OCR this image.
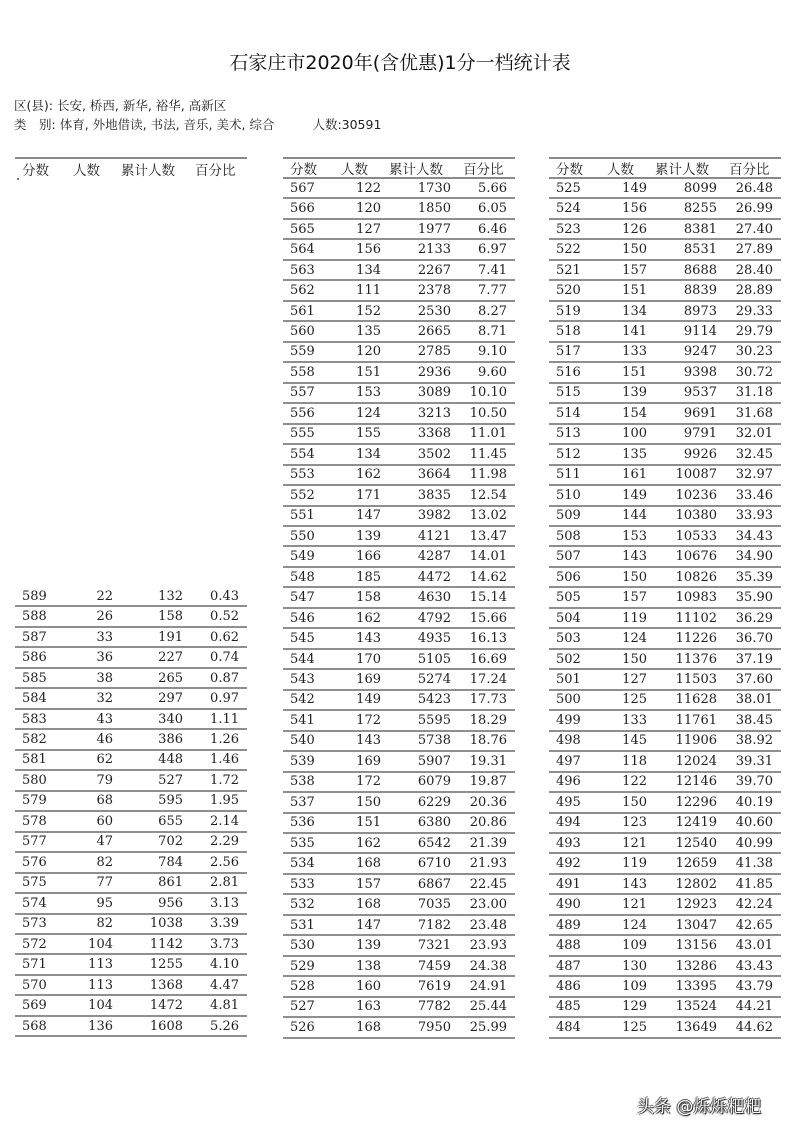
石家庄市2020年(含优惠)1分一档统计表
区(县): 长安, 桥西, 新华, 裕华, 高新区
类　别: 体育, 外地借读, 书法, 音乐, 美术, 综合	人数:30591
分数	人数	累计人数	百分比
589	22	132	0.43
588	26	158	0.52
587	33	191	0.62
586	36	227	0.74
585	38	265	0.87
584	32	297	0.97
583	43	340	1.11
582	46	386	1.26
581	62	448	1.46
580	79	527	1.72
579	68	595	1.95
578	60	655	2.14
577	47	702	2.29
576	82	784	2.56
575	77	861	2.81
574	95	956	3.13
573	82	1038	3.39
572	104	1142	3.73
571	113	1255	4.10
570	113	1368	4.47
569	104	1472	4.81
568	136	1608	5.26
分数	人数	累计人数	百分比
567	122	1730	5.66
566	120	1850	6.05
565	127	1977	6.46
564	156	2133	6.97
563	134	2267	7.41
562	111	2378	7.77
561	152	2530	8.27
560	135	2665	8.71
559	120	2785	9.10
558	151	2936	9.60
557	153	3089	10.10
556	124	3213	10.50
555	155	3368	11.01
554	134	3502	11.45
553	162	3664	11.98
552	171	3835	12.54
551	147	3982	13.02
550	139	4121	13.47
549	166	4287	14.01
548	185	4472	14.62
547	158	4630	15.14
546	162	4792	15.66
545	143	4935	16.13
544	170	5105	16.69
543	169	5274	17.24
542	149	5423	17.73
541	172	5595	18.29
540	143	5738	18.76
539	169	5907	19.31
538	172	6079	19.87
537	150	6229	20.36
536	151	6380	20.86
535	162	6542	21.39
534	168	6710	21.93
533	157	6867	22.45
532	168	7035	23.00
531	147	7182	23.48
530	139	7321	23.93
529	138	7459	24.38
528	160	7619	24.91
527	163	7782	25.44
526	168	7950	25.99
分数	人数	累计人数	百分比
525	149	8099	26.48
524	156	8255	26.99
523	126	8381	27.40
522	150	8531	27.89
521	157	8688	28.40
520	151	8839	28.89
519	134	8973	29.33
518	141	9114	29.79
517	133	9247	30.23
516	151	9398	30.72
515	139	9537	31.18
514	154	9691	31.68
513	100	9791	32.01
512	135	9926	32.45
511	161	10087	32.97
510	149	10236	33.46
509	144	10380	33.93
508	153	10533	34.43
507	143	10676	34.90
506	150	10826	35.39
505	157	10983	35.90
504	119	11102	36.29
503	124	11226	36.70
502	150	11376	37.19
501	127	11503	37.60
500	125	11628	38.01
499	133	11761	38.45
498	145	11906	38.92
497	118	12024	39.31
496	122	12146	39.70
495	150	12296	40.19
494	123	12419	40.60
493	121	12540	40.99
492	119	12659	41.38
491	143	12802	41.85
490	121	12923	42.24
489	124	13047	42.65
488	109	13156	43.01
487	130	13286	43.43
486	109	13395	43.79
485	129	13524	44.21
484	125	13649	44.62
头条 @烁烁粑粑
